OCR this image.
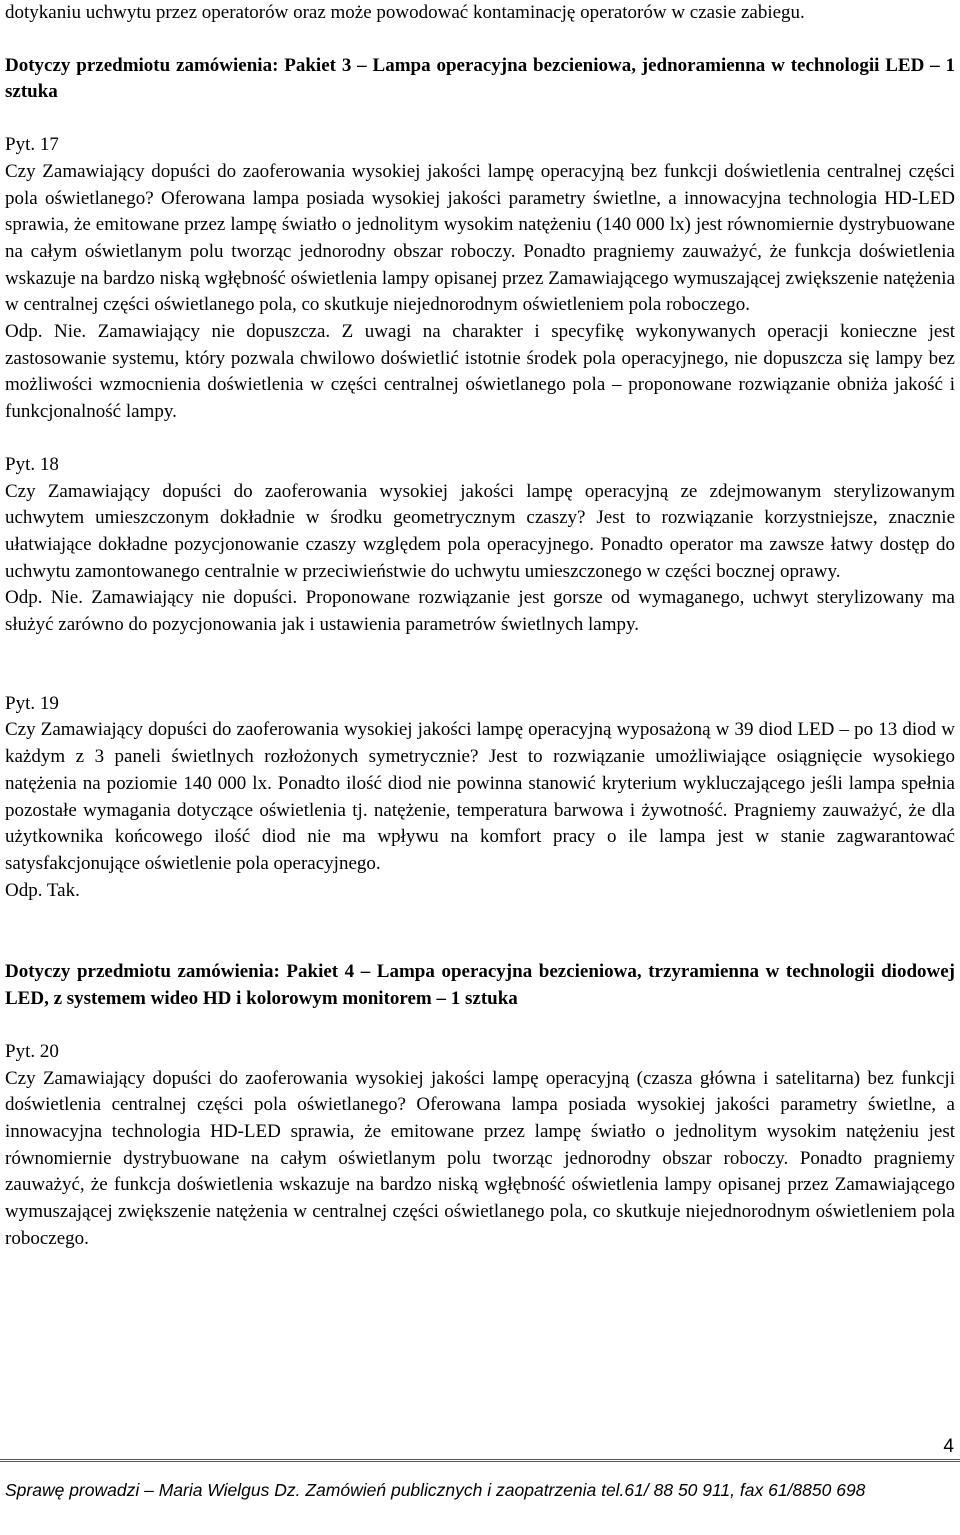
dotykaniu uchwytu przez operatorów oraz może powodować kontaminację operatorów w czasie zabiegu.

Dotyczy przedmiotu zamówienia: Pakiet 3 – Lampa operacyjna bezcieniowa, jednoramienna w technologii LED – 1 sztuka

Pyt. 17

Czy Zamawiający dopuści do zaoferowania wysokiej jakości lampę operacyjną bez funkcji doświetlenia centralnej części pola oświetlanego? Oferowana lampa posiada wysokiej jakości parametry świetlne, a innowacyjna technologia HD-LED sprawia, że emitowane przez lampę światło o jednolitym wysokim natężeniu (140 000 lx) jest równomiernie dystrybuowane na całym oświetlanym polu tworząc jednorodny obszar roboczy. Ponadto pragniemy zauważyć, że funkcja doświetlenia wskazuje na bardzo niską wgłębność oświetlenia lampy opisanej przez Zamawiającego wymuszającej zwiększenie natężenia w centralnej części oświetlanego pola, co skutkuje niejednorodnym oświetleniem pola roboczego.

Odp. Nie. Zamawiający nie dopuszcza. Z uwagi na charakter i specyfikę wykonywanych operacji konieczne jest zastosowanie systemu, który pozwala chwilowo doświetlić istotnie środek pola operacyjnego, nie dopuszcza się lampy bez możliwości wzmocnienia doświetlenia w części centralnej oświetlanego pola – proponowane rozwiązanie obniża jakość i funkcjonalność lampy.

Pyt. 18

Czy Zamawiający dopuści do zaoferowania wysokiej jakości lampę operacyjną ze zdejmowanym sterylizowanym uchwytem umieszczonym dokładnie w środku geometrycznym czaszy? Jest to rozwiązanie korzystniejsze, znacznie ułatwiające dokładne pozycjonowanie czaszy względem pola operacyjnego. Ponadto operator ma zawsze łatwy dostęp do uchwytu zamontowanego centralnie w przeciwieństwie do uchwytu umieszczonego w części bocznej oprawy.

Odp. Nie. Zamawiający nie dopuści. Proponowane rozwiązanie jest gorsze od wymaganego, uchwyt sterylizowany ma służyć zarówno do pozycjonowania jak i ustawienia parametrów świetlnych lampy.

Pyt. 19

Czy Zamawiający dopuści do zaoferowania wysokiej jakości lampę operacyjną wyposażoną w 39 diod LED – po 13 diod w każdym z 3 paneli świetlnych rozłożonych symetrycznie? Jest to rozwiązanie umożliwiające osiągnięcie wysokiego natężenia na poziomie 140 000 lx. Ponadto ilość diod nie powinna stanowić kryterium wykluczającego jeśli lampa spełnia pozostałe wymagania dotyczące oświetlenia tj. natężenie, temperatura barwowa i żywotność. Pragniemy zauważyć, że dla użytkownika końcowego ilość diod nie ma wpływu na komfort pracy o ile lampa jest w stanie zagwarantować satysfakcjonujące oświetlenie pola operacyjnego.

Odp. Tak.

Dotyczy przedmiotu zamówienia: Pakiet 4 – Lampa operacyjna bezcieniowa, trzyramienna w technologii diodowej LED, z systemem wideo HD i kolorowym monitorem – 1 sztuka

Pyt. 20

Czy Zamawiający dopuści do zaoferowania wysokiej jakości lampę operacyjną (czasza główna i satelitarna) bez funkcji doświetlenia centralnej części pola oświetlanego? Oferowana lampa posiada wysokiej jakości parametry świetlne, a innowacyjna technologia HD-LED sprawia, że emitowane przez lampę światło o jednolitym wysokim natężeniu jest równomiernie dystrybuowane na całym oświetlanym polu tworząc jednorodny obszar roboczy. Ponadto pragniemy zauważyć, że funkcja doświetlenia wskazuje na bardzo niską wgłębność oświetlenia lampy opisanej przez Zamawiającego wymuszającej zwiększenie natężenia w centralnej części oświetlanego pola, co skutkuje niejednorodnym oświetleniem pola roboczego.

4
Sprawę prowadzi – Maria Wielgus Dz. Zamówień publicznych i zaopatrzenia tel.61/ 88 50 911, fax 61/8850 698
